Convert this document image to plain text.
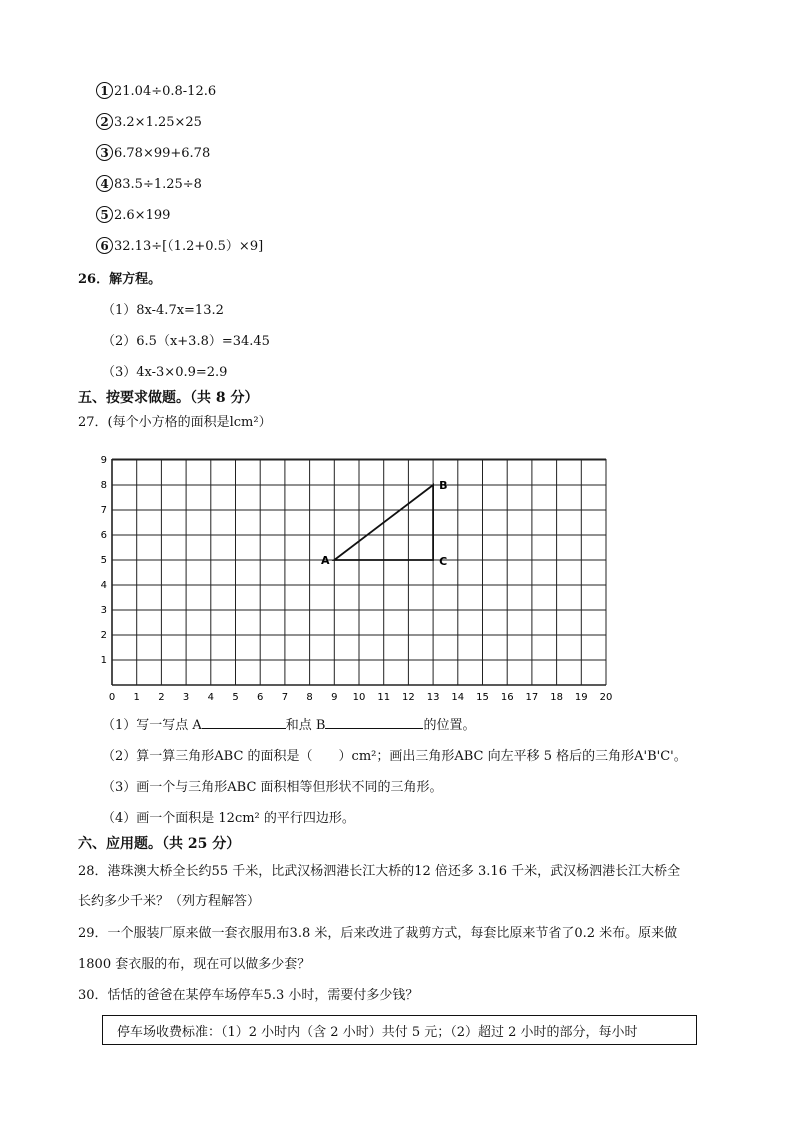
1 21.04÷0.8-12.6
2 3.2×1.25×25
3 6.78×99+6.78
4 83.5÷1.25÷8
5 2.6×199
6 32.13÷[（1.2+0.5）×9]
26．解方程。
（1）8x-4.7x=13.2
（2）6.5（x+3.8）=34.45
（3）4x-3×0.9=2.9
五、按要求做题。（共 8 分）
27．(每个小方格的面积是lcm²）
1
2
3
4
5
6
7
8
9
0 1 2 3 4 5 6 7 8 9 10 11 12 13 14 15 16 17 18 19 20
A
B
C
（1）写一写点 A	和点 B	的位置。
（2）算一算三角形ABC 的面积是（　　）cm²；画出三角形ABC 向左平移 5 格后的三角形A'B'C'。
（3）画一个与三角形ABC 面积相等但形状不同的三角形。
（4）画一个面积是 12cm² 的平行四边形。
六、应用题。（共 25 分）
28．港珠澳大桥全长约55 千米，比武汉杨泗港长江大桥的12 倍还多 3.16 千米，武汉杨泗港长江大桥全
长约多少千米？（列方程解答）
29．一个服装厂原来做一套衣服用布3.8 米，后来改进了裁剪方式，每套比原来节省了0.2 米布。原来做
1800 套衣服的布，现在可以做多少套？
30．恬恬的爸爸在某停车场停车5.3 小时，需要付多少钱？
停车场收费标准：（1）2 小时内（含 2 小时）共付 5 元；（2）超过 2 小时的部分，每小时
